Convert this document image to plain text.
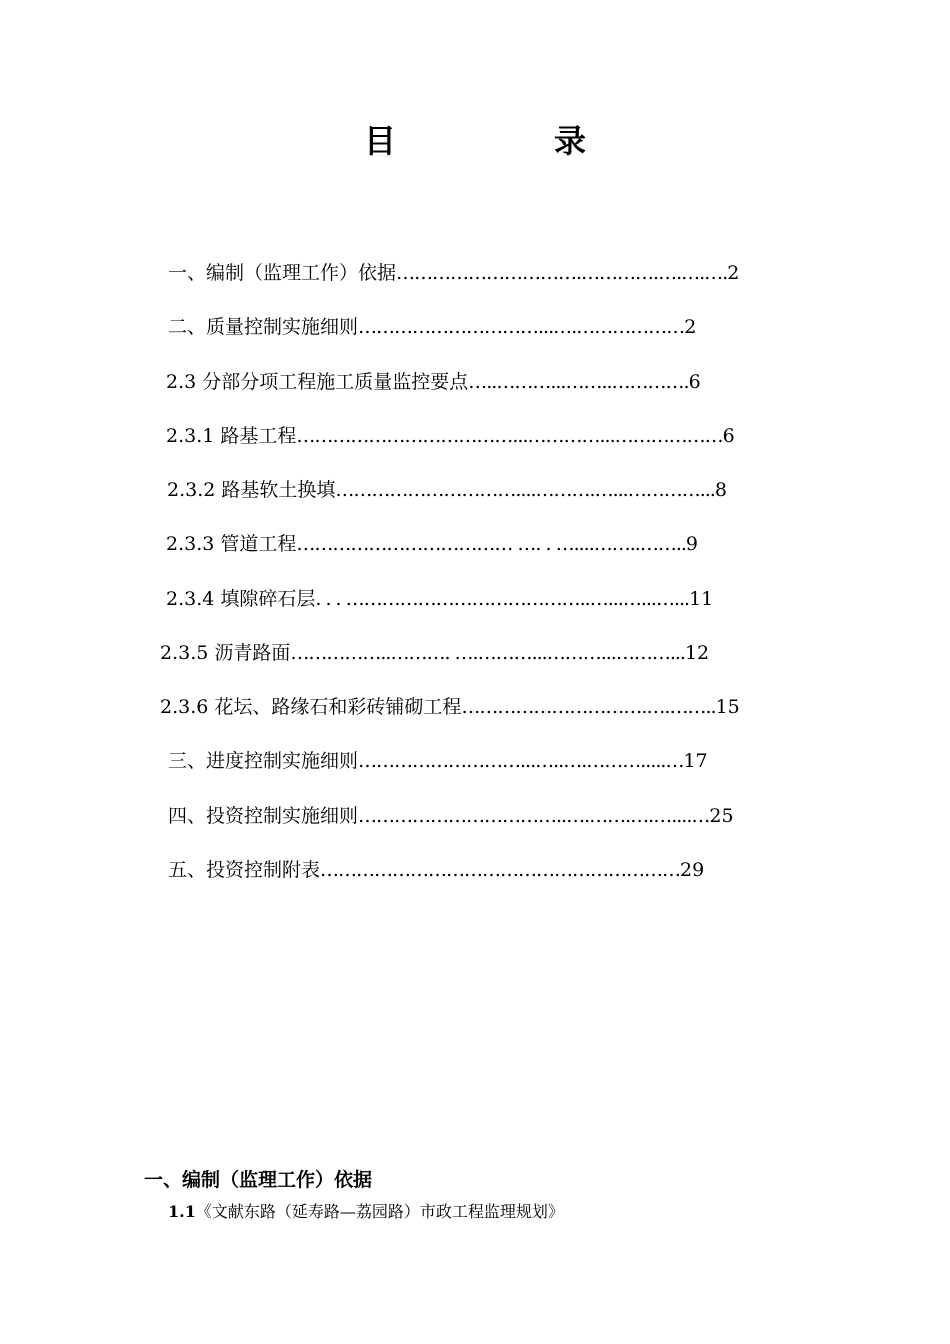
目	录
一、编制（监理工作）依据………………………….………….….….….2
二、质量控制实施细则…………………………...….………………2
2.3 分部分项工程施工质量监控要点…..………...……..………….6
2.3.1 路基工程………………………………...…………...………………6
2.3.2 路基软土换填…………………………....……….…...…………...8
2.3.3 管道工程……………………………… …. . …....……..……..9
2.3.4 填隙碎石层. . . …………………………………..…...…...…...11
2.3.5 沥青路面……………..………. ….………...………...………...12
2.3.6 花坛、路缘石和彩砖铺砌工程………………………….….……..15
三、进度控制实施细则………………………...…..….……….....…17
四、投资控制实施细则……………………………..….…….….…....…25
五、投资控制附表……………………………………………………29
一、编制（监理工作）依据
1.1《文献东路（延寿路—荔园路）市政工程监理规划》
